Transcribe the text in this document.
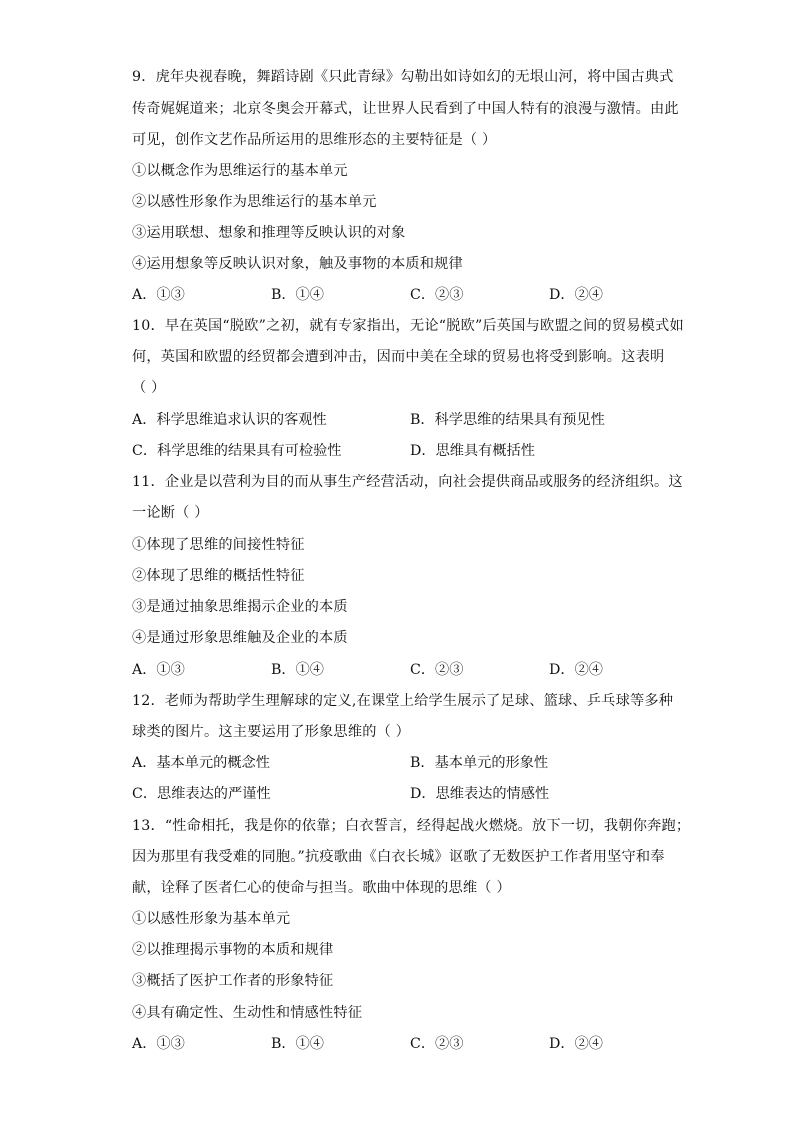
9．虎年央视春晚，舞蹈诗剧《只此青绿》勾勒出如诗如幻的无垠山河，将中国古典式
传奇娓娓道来；北京冬奥会开幕式，让世界人民看到了中国人特有的浪漫与激情。由此
可见，创作文艺作品所运用的思维形态的主要特征是（ ）
①以概念作为思维运行的基本单元
②以感性形象作为思维运行的基本单元
③运用联想、想象和推理等反映认识的对象
④运用想象等反映认识对象，触及事物的本质和规律
A．①③	B．①④	C．②③	D．②④
10．早在英国“脱欧”之初，就有专家指出，无论“脱欧”后英国与欧盟之间的贸易模式如
何，英国和欧盟的经贸都会遭到冲击，因而中美在全球的贸易也将受到影响。这表明
（ ）
A．科学思维追求认识的客观性	B．科学思维的结果具有预见性
C．科学思维的结果具有可检验性	D．思维具有概括性
11．企业是以营利为目的而从事生产经营活动，向社会提供商品或服务的经济组织。这
一论断（ ）
①体现了思维的间接性特征
②体现了思维的概括性特征
③是通过抽象思维揭示企业的本质
④是通过形象思维触及企业的本质
A．①③	B．①④	C．②③	D．②④
12．老师为帮助学生理解球的定义,在课堂上给学生展示了足球、篮球、乒乓球等多种
球类的图片。这主要运用了形象思维的（ ）
A．基本单元的概念性	B．基本单元的形象性
C．思维表达的严谨性	D．思维表达的情感性
13．“性命相托，我是你的依靠；白衣誓言，经得起战火燃烧。放下一切，我朝你奔跑；
因为那里有我受难的同胞。”抗疫歌曲《白衣长城》讴歌了无数医护工作者用坚守和奉
献，诠释了医者仁心的使命与担当。歌曲中体现的思维（ ）
①以感性形象为基本单元
②以推理揭示事物的本质和规律
③概括了医护工作者的形象特征
④具有确定性、生动性和情感性特征
A．①③	B．①④	C．②③	D．②④
